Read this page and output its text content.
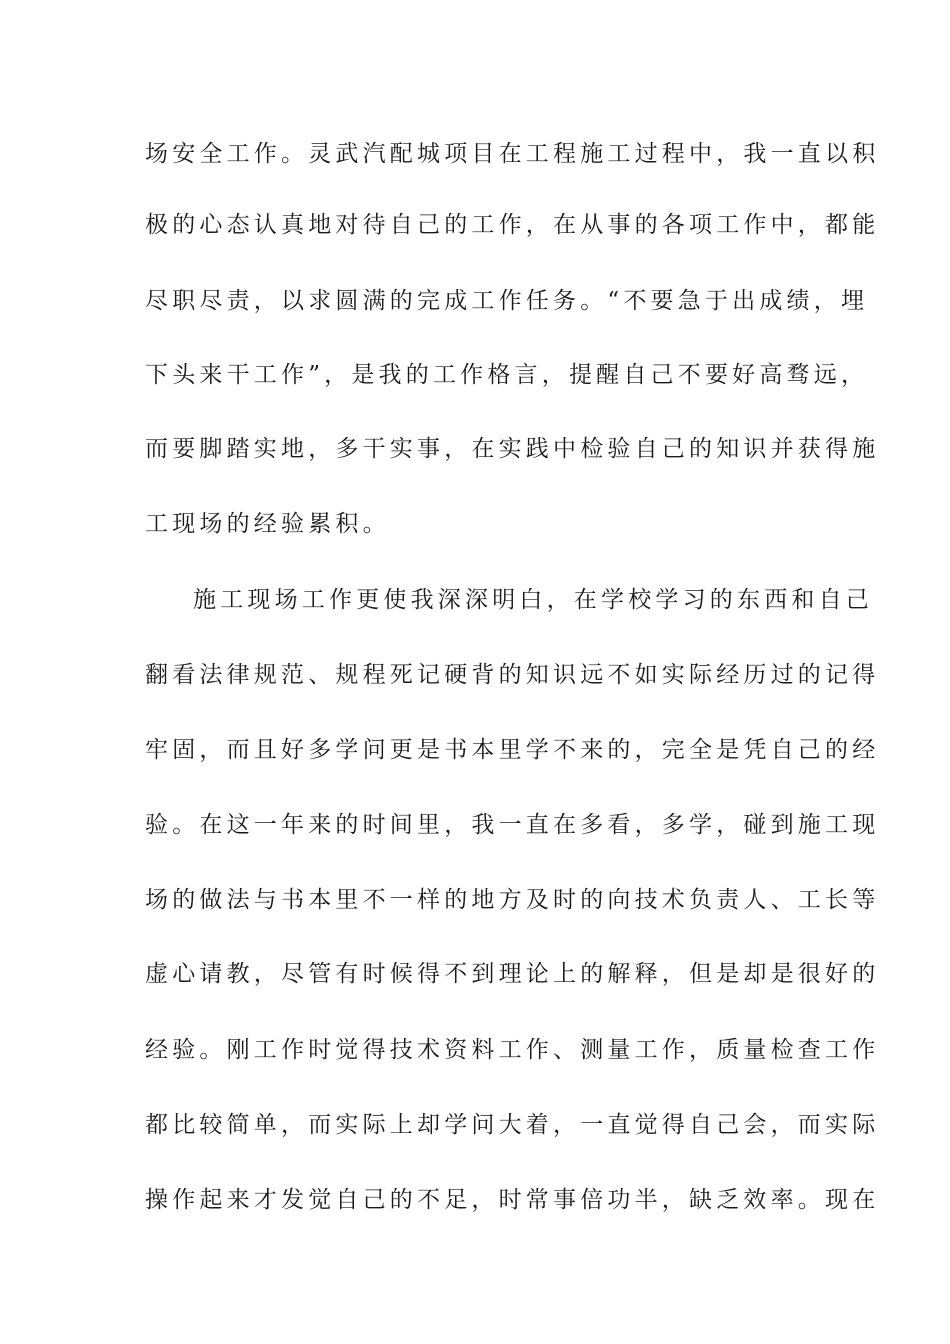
场安全工作。灵武汽配城项目在工程施工过程中，我一直以积
极的心态认真地对待自己的工作，在从事的各项工作中，都能
尽职尽责，以求圆满的完成工作任务。“不要急于出成绩，埋
下头来干工作”，是我的工作格言，提醒自己不要好高骛远，
而要脚踏实地，多干实事，在实践中检验自己的知识并获得施
工现场的经验累积。
施工现场工作更使我深深明白，在学校学习的东西和自己
翻看法律规范、规程死记硬背的知识远不如实际经历过的记得
牢固，而且好多学问更是书本里学不来的，完全是凭自己的经
验。在这一年来的时间里，我一直在多看，多学，碰到施工现
场的做法与书本里不一样的地方及时的向技术负责人、工长等
虚心请教，尽管有时候得不到理论上的解释，但是却是很好的
经验。刚工作时觉得技术资料工作、测量工作，质量检查工作
都比较简单，而实际上却学问大着，一直觉得自己会，而实际
操作起来才发觉自己的不足，时常事倍功半，缺乏效率。现在
